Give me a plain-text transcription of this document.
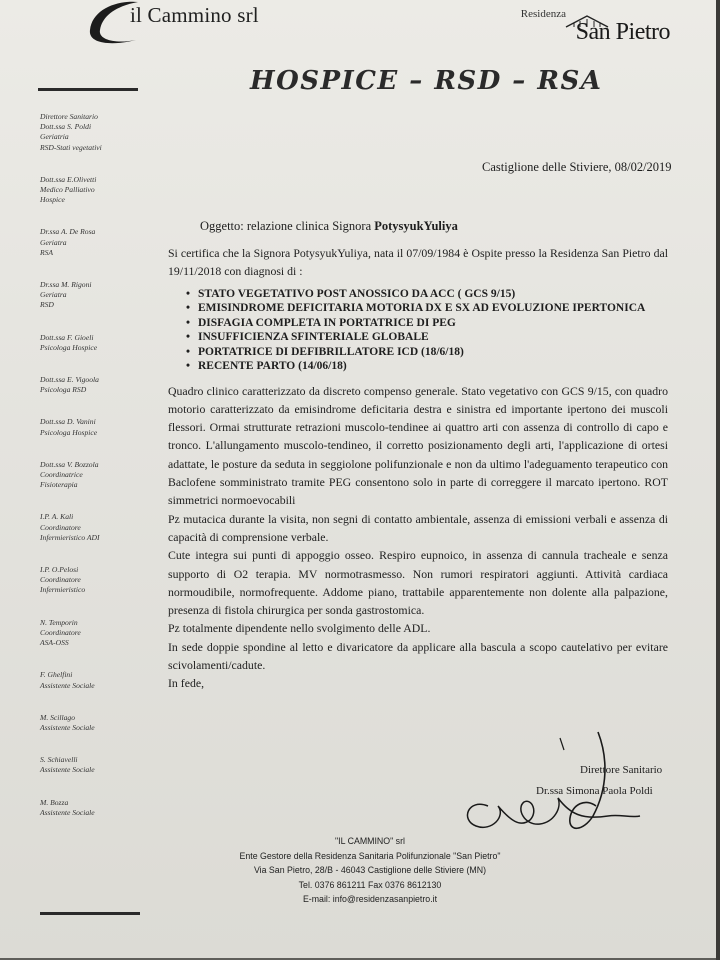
il Cammino srl	Residenza
San Pietro
HOSPICE – RSD – RSA
Direttore Sanitario
Dott.ssa S. Poldi
Geriatria
RSD-Stati vegetativi
Dott.ssa E.Olivetti
Medico Palliativo
Hospice
Dr.ssa A. De Rosa
Geriatra
RSA
Dr.ssa M. Rigoni
Geriatra
RSD
Dott.ssa F. Gioeli
Psicologa Hospice
Dott.ssa E. Vigoola
Psicologa RSD
Dott.ssa D. Vanini
Psicologa Hospice
Dott.ssa V. Bozzola
Coordinatrice
Fisioterapia
I.P. A. Kali
Coordinatore
Infermieristico ADI
I.P. O.Pelosi
Coordinatore
Infermieristico
N. Temporin
Coordinatore
ASA-OSS
F. Ghelfini
Assistente Sociale
M. Scillago
Assistente Sociale
S. Schiavelli
Assistente Sociale
M. Bozza
Assistente Sociale
Castiglione delle Stiviere, 08/02/2019
Oggetto: relazione clinica Signora PotysyukYuliya

Si certifica che la Signora PotysyukYuliya, nata il 07/09/1984 è Ospite presso la Residenza San Pietro dal 19/11/2018 con diagnosi di :

• STATO VEGETATIVO POST ANOSSICO DA ACC ( GCS 9/15)
• EMISINDROME DEFICITARIA MOTORIA DX E SX AD EVOLUZIONE IPERTONICA
• DISFAGIA COMPLETA IN PORTATRICE DI PEG
• INSUFFICIENZA SFINTERIALE GLOBALE
• PORTATRICE DI DEFIBRILLATORE ICD (18/6/18)
• RECENTE PARTO (14/06/18)

Quadro clinico caratterizzato da discreto compenso generale. Stato vegetativo con GCS 9/15, con quadro motorio caratterizzato da emisindrome deficitaria destra e sinistra ed importante ipertono dei muscoli flessori. Ormai strutturate retrazioni muscolo-tendinee ai quattro arti con assenza di controllo di capo e tronco. L'allungamento muscolo-tendineo, il corretto posizionamento degli arti, l'applicazione di ortesi adattate, le posture da seduta in seggiolone polifunzionale e non da ultimo l'adeguamento terapeutico con Baclofene somministrato tramite PEG consentono solo in parte di correggere il marcato ipertono. ROT simmetrici normoevocabili

Pz mutacica durante la visita, non segni di contatto ambientale, assenza di emissioni verbali e assenza di capacità di comprensione verbale.

Cute integra sui punti di appoggio osseo. Respiro eupnoico, in assenza di cannula tracheale e senza supporto di O2 terapia. MV normotrasmesso. Non rumori respiratori aggiunti. Attività cardiaca normoudibile, normofrequente. Addome piano, trattabile apparentemente non dolente alla palpazione, presenza di fistola chirurgica per sonda gastrostomica.

Pz totalmente dipendente nello svolgimento delle ADL.

In sede doppie spondine al letto e divaricatore da applicare alla bascula a scopo cautelativo per evitare scivolamenti/cadute.

In fede,

Direttore Sanitario
Dr.ssa Simona Paola Poldi
"IL CAMMINO" srl
Ente Gestore della Residenza Sanitaria Polifunzionale "San Pietro"
Via San Pietro, 28/B - 46043 Castiglione delle Stiviere (MN)
Tel. 0376 861211 Fax 0376 8612130
E-mail: info@residenzasanpietro.it
